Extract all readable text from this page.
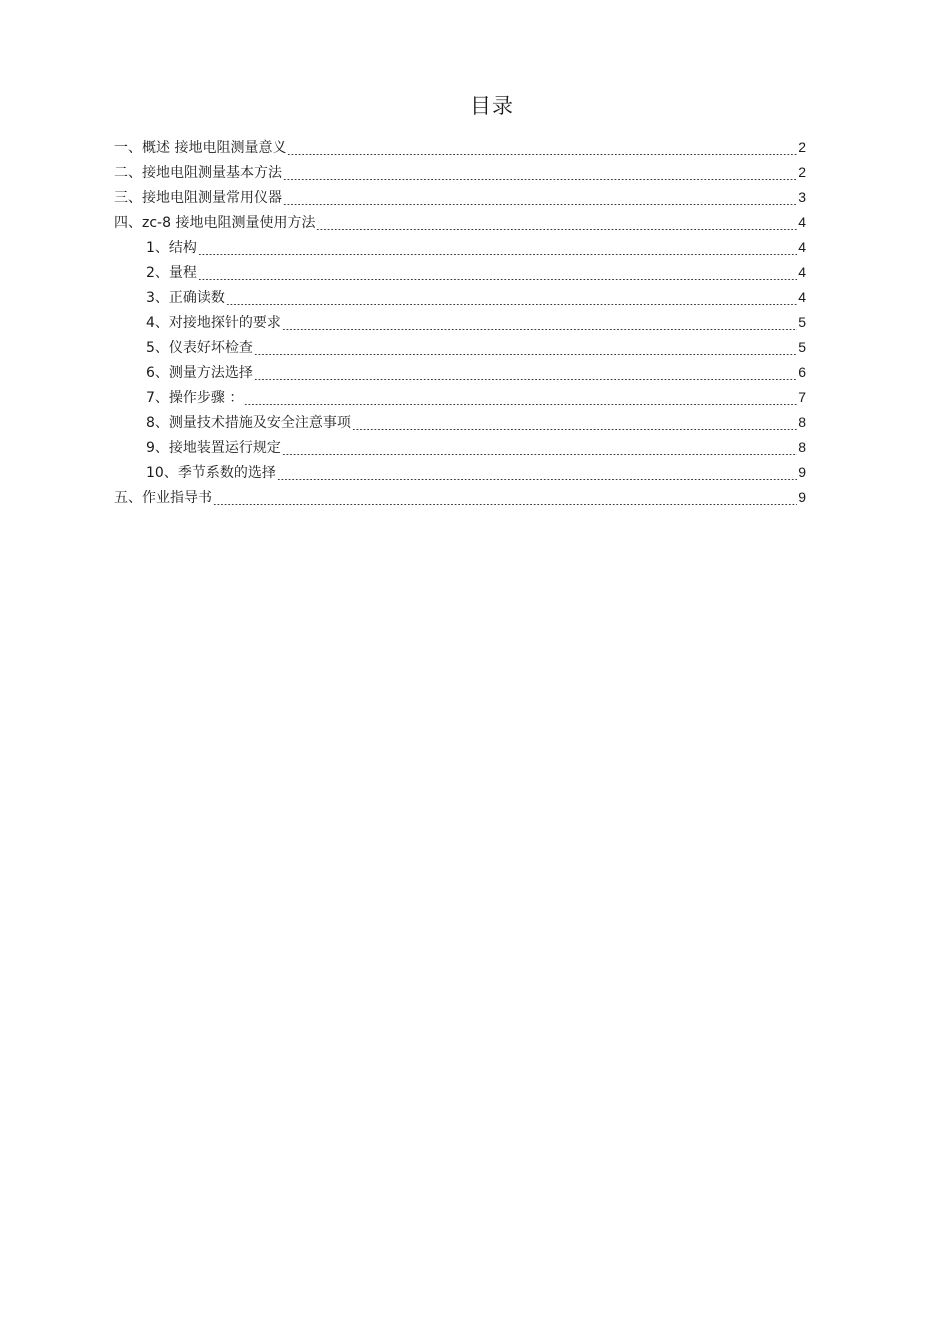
目录
一、概述 接地电阻测量意义	2
二、接地电阻测量基本方法	2
三、接地电阻测量常用仪器	3
四、zc-8 接地电阻测量使用方法	4
1、结构	4
2、量程	4
3、正确读数	4
4、对接地探针的要求	5
5、仪表好坏检查	5
6、测量方法选择	6
7、操作步骤 ：	7
8、测量技术措施及安全注意事项	8
9、接地装置运行规定	8
10、季节系数的选择	9
五、作业指导书	9
